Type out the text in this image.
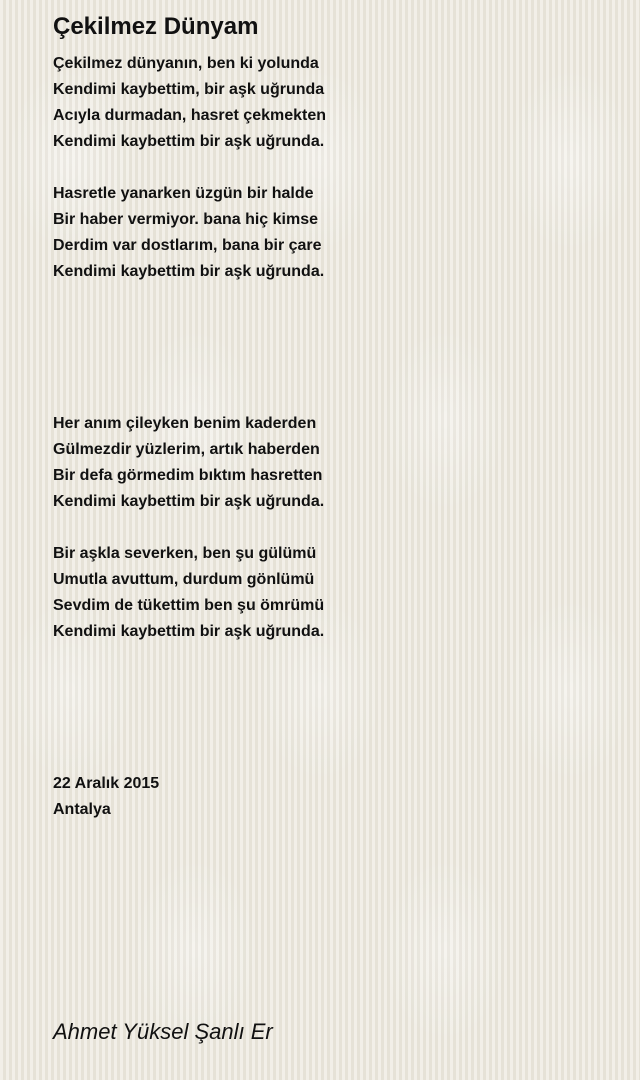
Çekilmez Dünyam
Çekilmez dünyanın, ben ki yolunda
Kendimi kaybettim, bir aşk uğrunda
Acıyla durmadan, hasret çekmekten
Kendimi kaybettim bir aşk uğrunda.
Hasretle yanarken üzgün bir halde
Bir haber vermiyor. bana hiç kimse
Derdim var dostlarım, bana bir çare
Kendimi kaybettim bir aşk uğrunda.
Her anım çileyken benim kaderden
Gülmezdir yüzlerim, artık haberden
Bir defa görmedim bıktım hasretten
Kendimi kaybettim bir aşk uğrunda.
Bir aşkla severken, ben şu gülümü
Umutla avuttum, durdum gönlümü
Sevdim de tükettim ben şu ömrümü
Kendimi kaybettim bir aşk uğrunda.
22 Aralık 2015
Antalya
Ahmet Yüksel Şanlı Er
